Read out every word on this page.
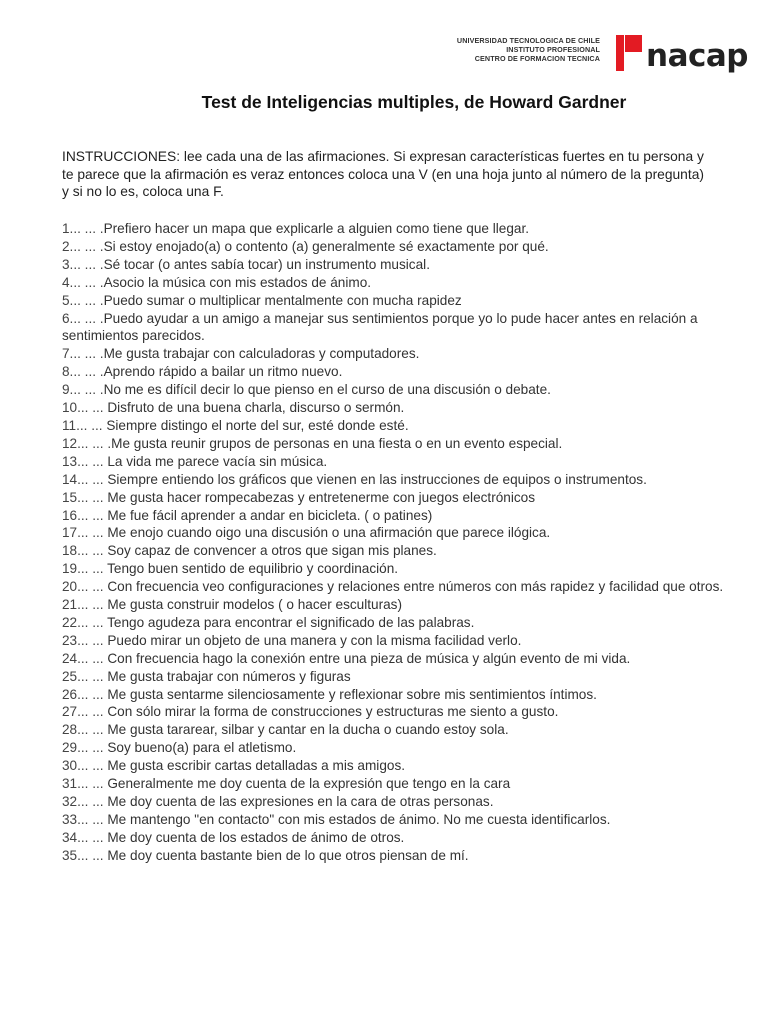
UNIVERSIDAD TECNOLOGICA DE CHILE
INSTITUTO PROFESIONAL
CENTRO DE FORMACION TECNICA nacap
Test de Inteligencias multiples, de Howard Gardner
INSTRUCCIONES: lee cada una de las afirmaciones. Si expresan características fuertes en tu persona y te parece que la afirmación es veraz entonces coloca una V (en una hoja junto al número de la pregunta) y si no lo es, coloca una F.
1... ... .Prefiero hacer un mapa que explicarle a alguien como tiene que llegar.
2... ... .Si estoy enojado(a) o contento (a) generalmente sé exactamente por qué.
3... ... .Sé tocar (o antes sabía tocar) un instrumento musical.
4... ... .Asocio la música con mis estados de ánimo.
5... ... .Puedo sumar o multiplicar mentalmente con mucha rapidez
6... ... .Puedo ayudar a un amigo a manejar sus sentimientos porque yo lo pude hacer antes en relación a sentimientos parecidos.
7... ... .Me gusta trabajar con calculadoras y computadores.
8... ... .Aprendo rápido a bailar un ritmo nuevo.
9... ... .No me es difícil decir lo que pienso en el curso de una discusión o debate.
10... ... Disfruto de una buena charla, discurso o sermón.
11... ... Siempre distingo el norte del sur, esté donde esté.
12... ... .Me gusta reunir grupos de personas en una fiesta o en un evento especial.
13... ... La vida me parece vacía sin música.
14... ... Siempre entiendo los gráficos que vienen en las instrucciones de equipos o instrumentos.
15... ... Me gusta hacer rompecabezas y entretenerme con juegos electrónicos
16... ... Me fue fácil aprender a andar en bicicleta. ( o patines)
17... ... Me enojo cuando oigo una discusión o una afirmación que parece ilógica.
18... ... Soy capaz de convencer a otros que sigan mis planes.
19... ... Tengo buen sentido de equilibrio y coordinación.
20... ... Con frecuencia veo configuraciones y relaciones entre números con más rapidez y facilidad que otros.
21... ... Me gusta construir modelos ( o hacer esculturas)
22... ... Tengo agudeza para encontrar el significado de las palabras.
23... ... Puedo mirar un objeto de una manera y con la misma facilidad verlo.
24... ... Con frecuencia hago la conexión entre una pieza de música y algún evento de mi vida.
25... ... Me gusta trabajar con números y figuras
26... ... Me gusta sentarme silenciosamente y reflexionar sobre mis sentimientos íntimos.
27... ... Con sólo mirar la forma de construcciones y estructuras me siento a gusto.
28... ... Me gusta tararear, silbar y cantar en la ducha o cuando estoy sola.
29... ... Soy bueno(a) para el atletismo.
30... ... Me gusta escribir cartas detalladas a mis amigos.
31... ... Generalmente me doy cuenta de la expresión que tengo en la cara
32... ... Me doy cuenta de las expresiones en la cara de otras personas.
33... ... Me mantengo "en contacto" con mis estados de ánimo. No me cuesta identificarlos.
34... ... Me doy cuenta de los estados de ánimo de otros.
35... ... Me doy cuenta bastante bien de lo que otros piensan de mí.
